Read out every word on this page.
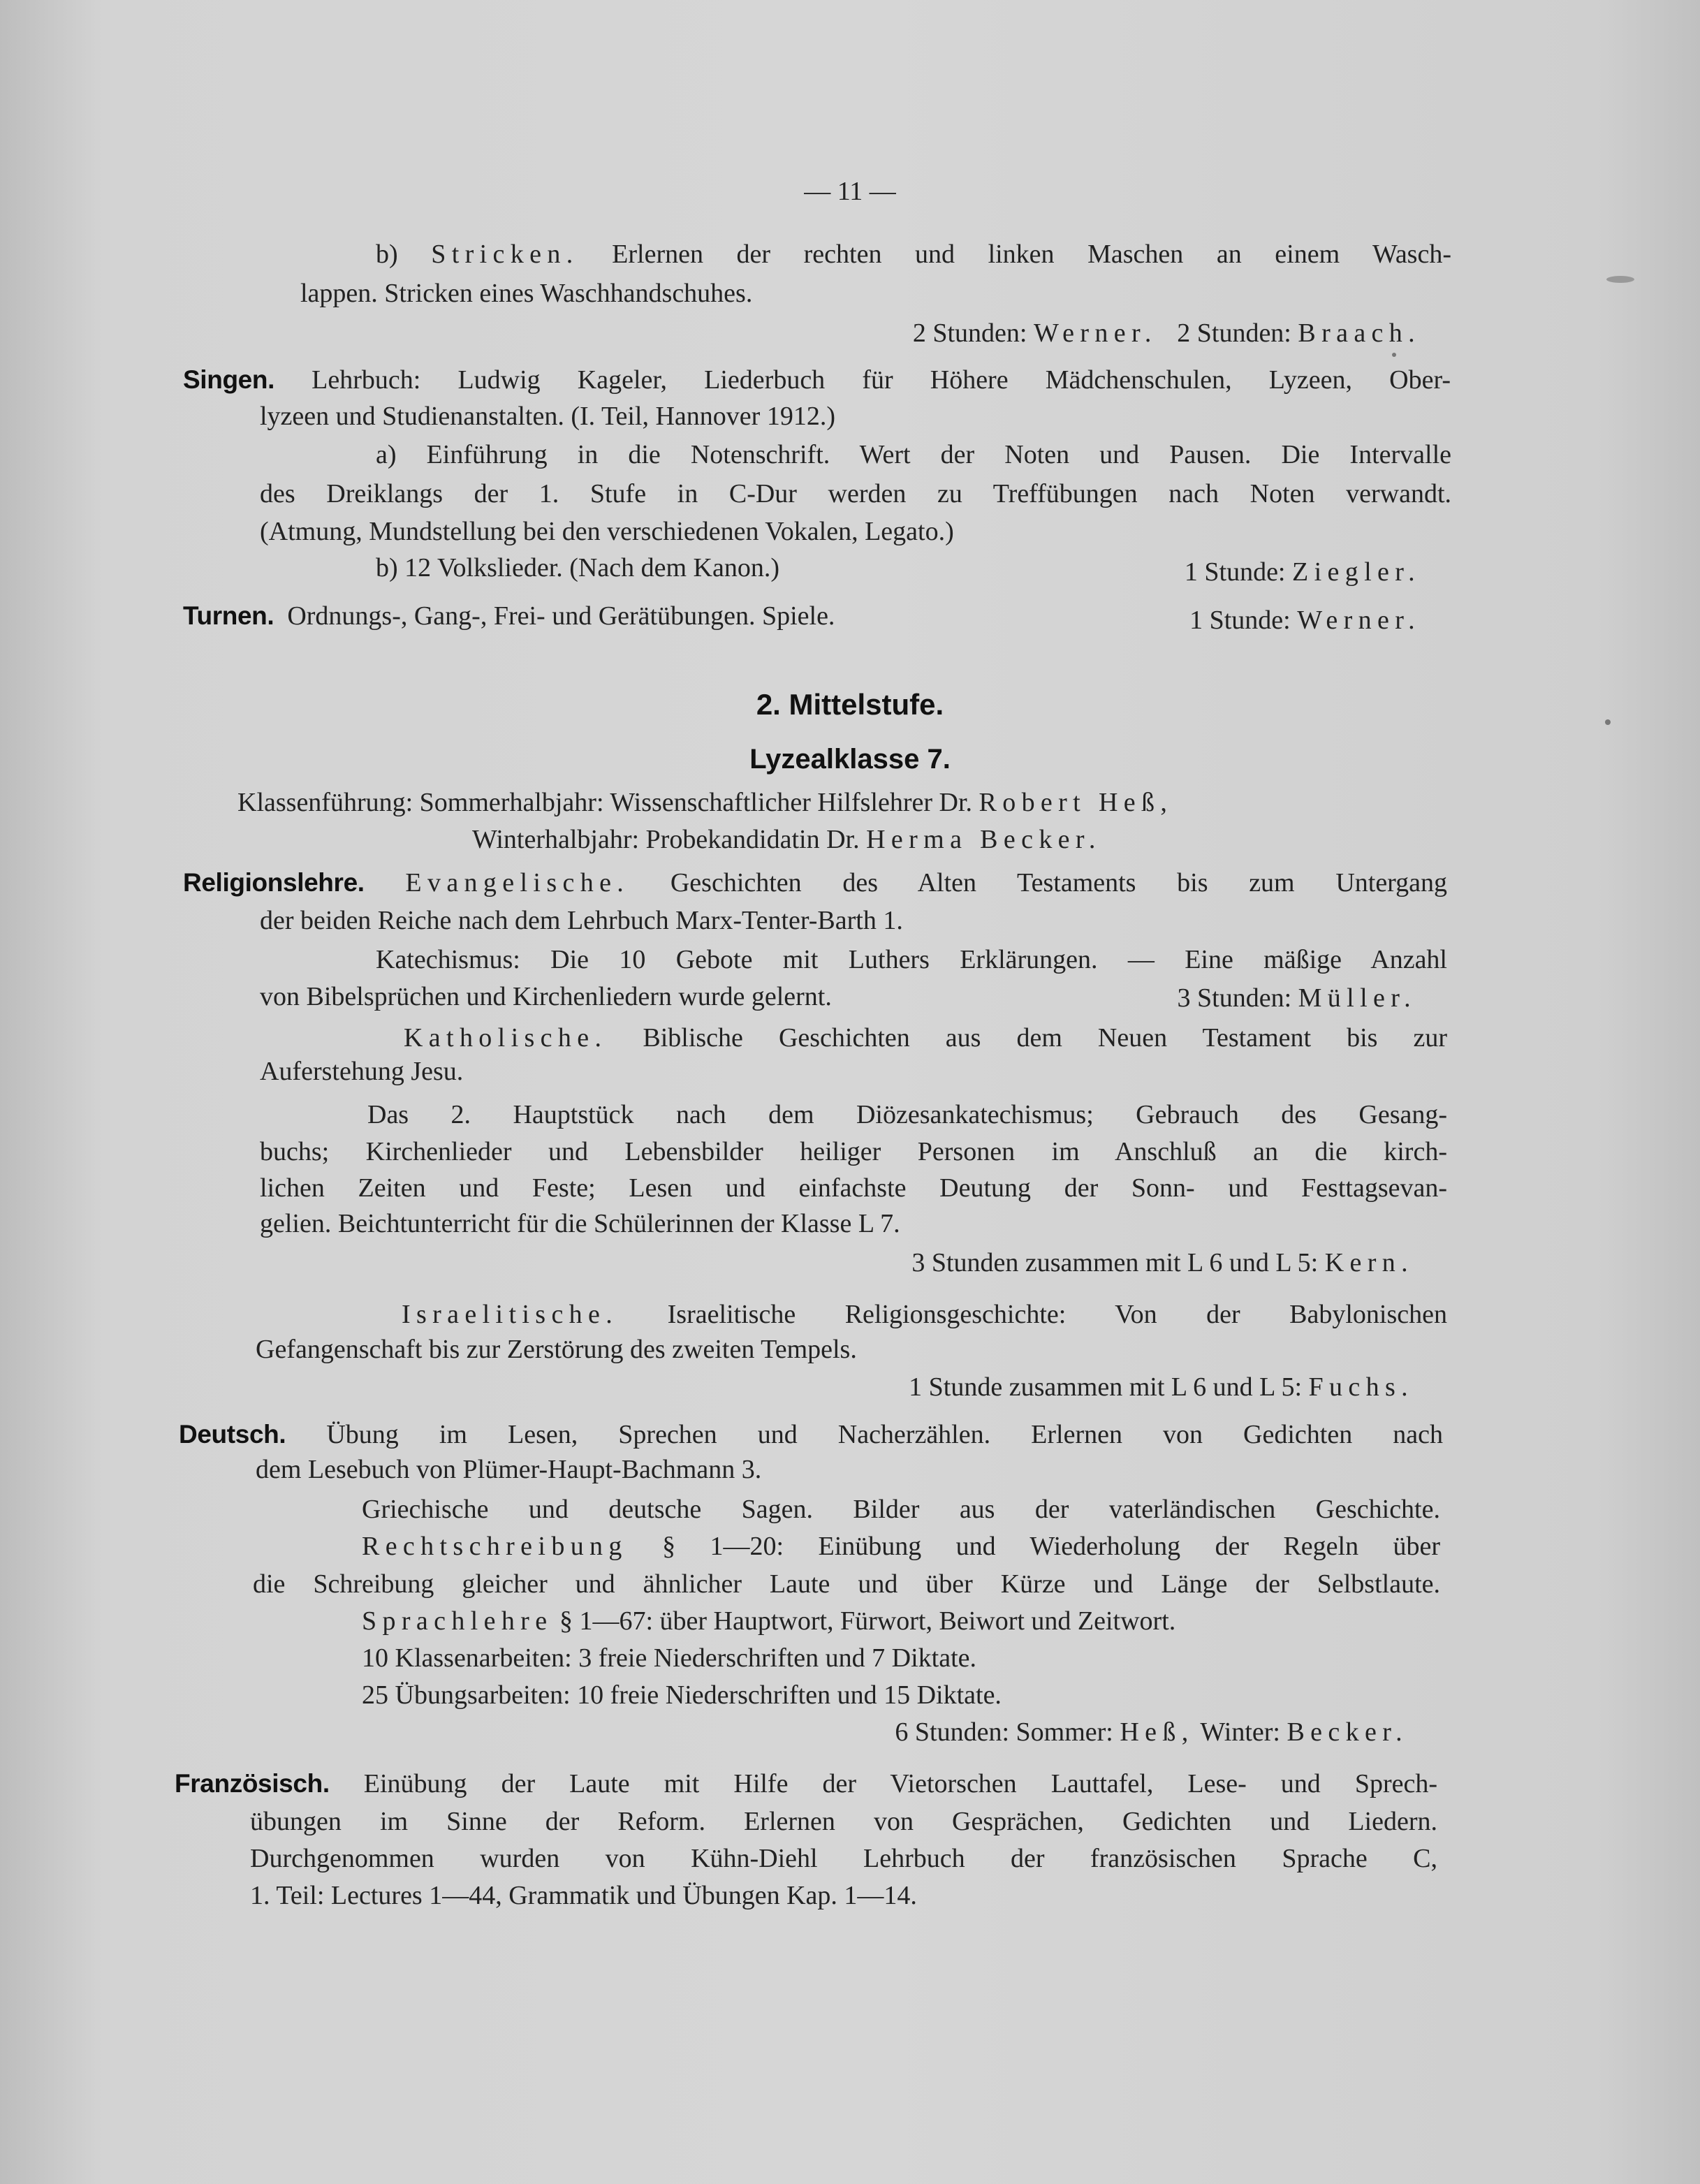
— 11 —
b) Stricken. Erlernen der rechten und linken Maschen an einem Wasch-
lappen. Stricken eines Waschhandschuhes.
2 Stunden: Werner. 2 Stunden: Braach.
Singen. Lehrbuch: Ludwig Kageler, Liederbuch für Höhere Mädchenschulen, Lyzeen, Ober-
lyzeen und Studienanstalten. (I. Teil, Hannover 1912.)
a) Einführung in die Notenschrift. Wert der Noten und Pausen. Die Intervalle
des Dreiklangs der 1. Stufe in C-Dur werden zu Treffübungen nach Noten verwandt.
(Atmung, Mundstellung bei den verschiedenen Vokalen, Legato.)
b) 12 Volkslieder. (Nach dem Kanon.)	1 Stunde: Ziegler.
Turnen. Ordnungs-, Gang-, Frei- und Gerätübungen. Spiele.	1 Stunde: Werner.
2. Mittelstufe.
Lyzealklasse 7.
Klassenführung: Sommerhalbjahr: Wissenschaftlicher Hilfslehrer Dr. Robert Heß,
Winterhalbjahr: Probekandidatin Dr. Herma Becker.
Religionslehre. Evangelische. Geschichten des Alten Testaments bis zum Untergang
der beiden Reiche nach dem Lehrbuch Marx-Tenter-Barth 1.
Katechismus: Die 10 Gebote mit Luthers Erklärungen. — Eine mäßige Anzahl
von Bibelsprüchen und Kirchenliedern wurde gelernt.	3 Stunden: Müller.
Katholische. Biblische Geschichten aus dem Neuen Testament bis zur
Auferstehung Jesu.
Das 2. Hauptstück nach dem Diözesankatechismus; Gebrauch des Gesang-
buchs; Kirchenlieder und Lebensbilder heiliger Personen im Anschluß an die kirch-
lichen Zeiten und Feste; Lesen und einfachste Deutung der Sonn- und Festtagsevan-
gelien. Beichtunterricht für die Schülerinnen der Klasse L 7.
3 Stunden zusammen mit L 6 und L 5: Kern.
Israelitische. Israelitische Religionsgeschichte: Von der Babylonischen
Gefangenschaft bis zur Zerstörung des zweiten Tempels.
1 Stunde zusammen mit L 6 und L 5: Fuchs.
Deutsch. Übung im Lesen, Sprechen und Nacherzählen. Erlernen von Gedichten nach
dem Lesebuch von Plümer-Haupt-Bachmann 3.
Griechische und deutsche Sagen. Bilder aus der vaterländischen Geschichte.
Rechtschreibung § 1—20: Einübung und Wiederholung der Regeln über
die Schreibung gleicher und ähnlicher Laute und über Kürze und Länge der Selbstlaute.
Sprachlehre § 1—67: über Hauptwort, Fürwort, Beiwort und Zeitwort.
10 Klassenarbeiten: 3 freie Niederschriften und 7 Diktate.
25 Übungsarbeiten: 10 freie Niederschriften und 15 Diktate.
6 Stunden: Sommer: Heß, Winter: Becker.
Französisch. Einübung der Laute mit Hilfe der Vietorschen Lauttafel, Lese- und Sprech-
übungen im Sinne der Reform. Erlernen von Gesprächen, Gedichten und Liedern.
Durchgenommen wurden von Kühn-Diehl Lehrbuch der französischen Sprache C,
1. Teil: Lectures 1—44, Grammatik und Übungen Kap. 1—14.
